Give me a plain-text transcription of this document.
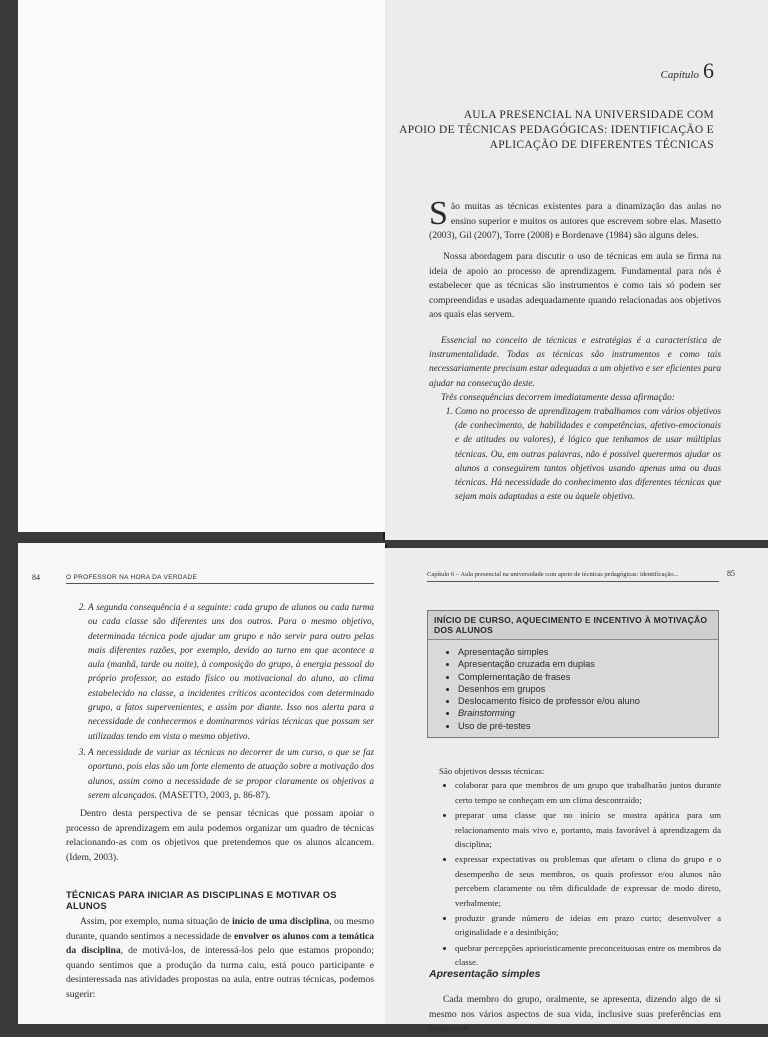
Capítulo 6
AULA PRESENCIAL NA UNIVERSIDADE COM
APOIO DE TÉCNICAS PEDAGÓGICAS: IDENTIFICAÇÃO E
APLICAÇÃO DE DIFERENTES TÉCNICAS
São muitas as técnicas existentes para a dinamização das aulas no ensino superior e muitos os autores que escrevem sobre elas. Masetto (2003), Gil (2007), Torre (2008) e Bordenave (1984) são alguns deles.
Nossa abordagem para discutir o uso de técnicas em aula se firma na ideia de apoio ao processo de aprendizagem. Fundamental para nós é estabelecer que as técnicas são instrumentos e como tais só podem ser compreendidas e usadas adequadamente quando relacionadas aos objetivos aos quais elas servem.
Essencial no conceito de técnicas e estratégias é a característica de instrumentalidade. Todas as técnicas são instrumentos e como tais necessariamente precisam estar adequadas a um objetivo e ser eficientes para ajudar na consecução deste.
Três consequências decorrem imediatamente dessa afirmação:
1. Como no processo de aprendizagem trabalhamos com vários objetivos (de conhecimento, de habilidades e competências, afetivo-emocionais e de atitudes ou valores), é lógico que tenhamos de usar múltiplas técnicas. Ou, em outras palavras, não é possível querermos ajudar os alunos a conseguirem tantos objetivos usando apenas uma ou duas técnicas. Há necessidade do conhecimento das diferentes técnicas que sejam mais adaptadas a este ou àquele objetivo.
84	O PROFESSOR NA HORA DA VERDADE
2. A segunda consequência é a seguinte: cada grupo de alunos ou cada turma ou cada classe são diferentes uns dos outros. Para o mesmo objetivo, determinada técnica pode ajudar um grupo e não servir para outro pelas mais diferentes razões, por exemplo, devido ao turno em que acontece a aula (manhã, tarde ou noite), à composição do grupo, à energia pessoal do próprio professor, ao estado físico ou motivacional do aluno, ao clima estabelecido na classe, a incidentes críticos acontecidos com determinado grupo, a fatos supervenientes, e assim por diante. Isso nos alerta para a necessidade de conhecermos e dominarmos várias técnicas que possam ser utilizadas tendo em vista o mesmo objetivo.
3. A necessidade de variar as técnicas no decorrer de um curso, o que se faz oportuno, pois elas são um forte elemento de atuação sobre a motivação dos alunos, assim como a necessidade de se propor claramente os objetivos a serem alcançados. (MASETTO, 2003, p. 86-87).
Dentro desta perspectiva de se pensar técnicas que possam apoiar o processo de aprendizagem em aula podemos organizar um quadro de técnicas relacionando-as com os objetivos que pretendemos que os alunos alcancem. (Idem, 2003).
TÉCNICAS PARA INICIAR AS DISCIPLINAS E MOTIVAR OS ALUNOS
Assim, por exemplo, numa situação de início de uma disciplina, ou mesmo durante, quando sentimos a necessidade de envolver os alunos com a temática da disciplina, de motivá-los, de interessá-los pelo que estamos propondo; quando sentimos que a produção da turma caiu, está pouco participante e desinteressada nas atividades propostas na aula, entre outras técnicas, podemos sugerir:
Capítulo 6 – Aula presencial na universidade com apoio de técnicas pedagógicas: identificação...	85
INÍCIO DE CURSO, AQUECIMENTO E INCENTIVO À MOTIVAÇÃO DOS ALUNOS
• Apresentação simples
• Apresentação cruzada em duplas
• Complementação de frases
• Desenhos em grupos
• Deslocamento físico de professor e/ou aluno
• Brainstorming
• Uso de pré-testes
São objetivos dessas técnicas:
• colaborar para que membros de um grupo que trabalharão juntos durante certo tempo se conheçam em um clima descontraído;
• preparar uma classe que no início se mostra apática para um relacionamento mais vivo e, portanto, mais favorável à aprendizagem da disciplina;
• expressar expectativas ou problemas que afetam o clima do grupo e o desempenho de seus membros, os quais professor e/ou alunos não percebem claramente ou têm dificuldade de expressar de modo direto, verbalmente;
• produzir grande número de ideias em prazo curto; desenvolver a originalidade e a desinibição;
• quebrar percepções aprioristicamente preconceituosas entre os membros da classe.
Apresentação simples
Cada membro do grupo, oralmente, se apresenta, dizendo algo de si mesmo nos vários aspectos de sua vida, inclusive suas preferências em momentos
